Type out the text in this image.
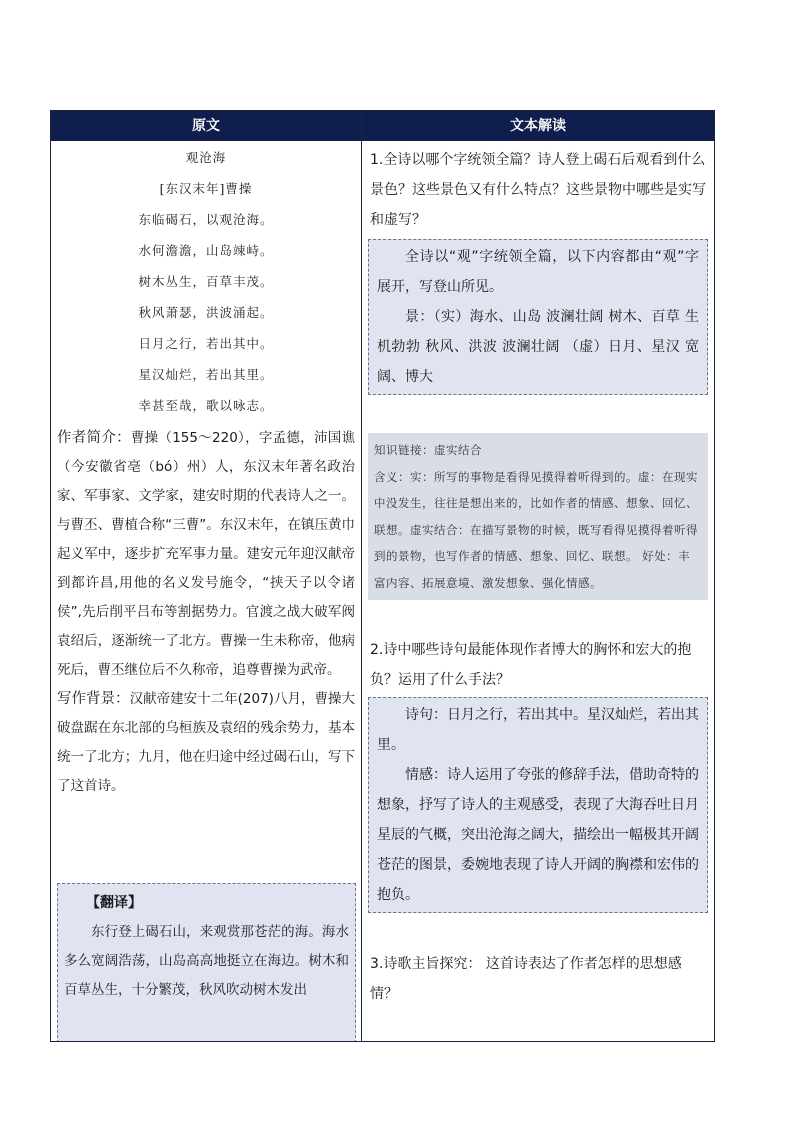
原文	文本解读
观沧海
[东汉末年]曹操
东临碣石，以观沧海。
水何澹澹，山岛竦峙。
树木丛生，百草丰茂。
秋风萧瑟，洪波涌起。
日月之行，若出其中。
星汉灿烂，若出其里。
幸甚至哉，歌以咏志。
作者简介：曹操（155～220），字孟德，沛国谯（今安徽省亳（bó）州）人，东汉末年著名政治家、军事家、文学家，建安时期的代表诗人之一。与曹丕、曹植合称“三曹”。东汉末年，在镇压黄巾起义军中，逐步扩充军事力量。建安元年迎汉献帝到都许昌,用他的名义发号施令，“挟天子以令诸侯”,先后削平吕布等割据势力。官渡之战大破军阀袁绍后，逐渐统一了北方。曹操一生未称帝，他病死后，曹丕继位后不久称帝，追尊曹操为武帝。
写作背景：汉献帝建安十二年(207)八月，曹操大破盘踞在东北部的乌桓族及袁绍的残余势力，基本统一了北方；九月，他在归途中经过碣石山，写下了这首诗。
【翻译】
东行登上碣石山，来观赏那苍茫的海。海水多么宽阔浩荡，山岛高高地挺立在海边。树木和百草丛生，十分繁茂，秋风吹动树木发出
1.全诗以哪个字统领全篇？诗人登上碣石后观看到什么景色？这些景色又有什么特点？这些景物中哪些是实写和虚写？
全诗以“观”字统领全篇，以下内容都由“观”字展开，写登山所见。
景：（实）海水、山岛 波澜壮阔 树木、百草 生机勃勃 秋风、洪波 波澜壮阔 （虚）日月、星汉 宽阔、博大
知识链接：虚实结合
含义：实：所写的事物是看得见摸得着听得到的。虚：在现实中没发生，往往是想出来的，比如作者的情感、想象、回忆、联想。虚实结合：在描写景物的时候，既写看得见摸得着听得到的景物，也写作者的情感、想象、回忆、联想。 好处：丰富内容、拓展意境、激发想象、强化情感。
2.诗中哪些诗句最能体现作者博大的胸怀和宏大的抱负？运用了什么手法？
诗句：日月之行，若出其中。星汉灿烂，若出其里。
情感：诗人运用了夸张的修辞手法，借助奇特的想象，抒写了诗人的主观感受，表现了大海吞吐日月星辰的气概，突出沧海之阔大，描绘出一幅极其开阔苍茫的图景，委婉地表现了诗人开阔的胸襟和宏伟的抱负。
3.诗歌主旨探究： 这首诗表达了作者怎样的思想感情？
